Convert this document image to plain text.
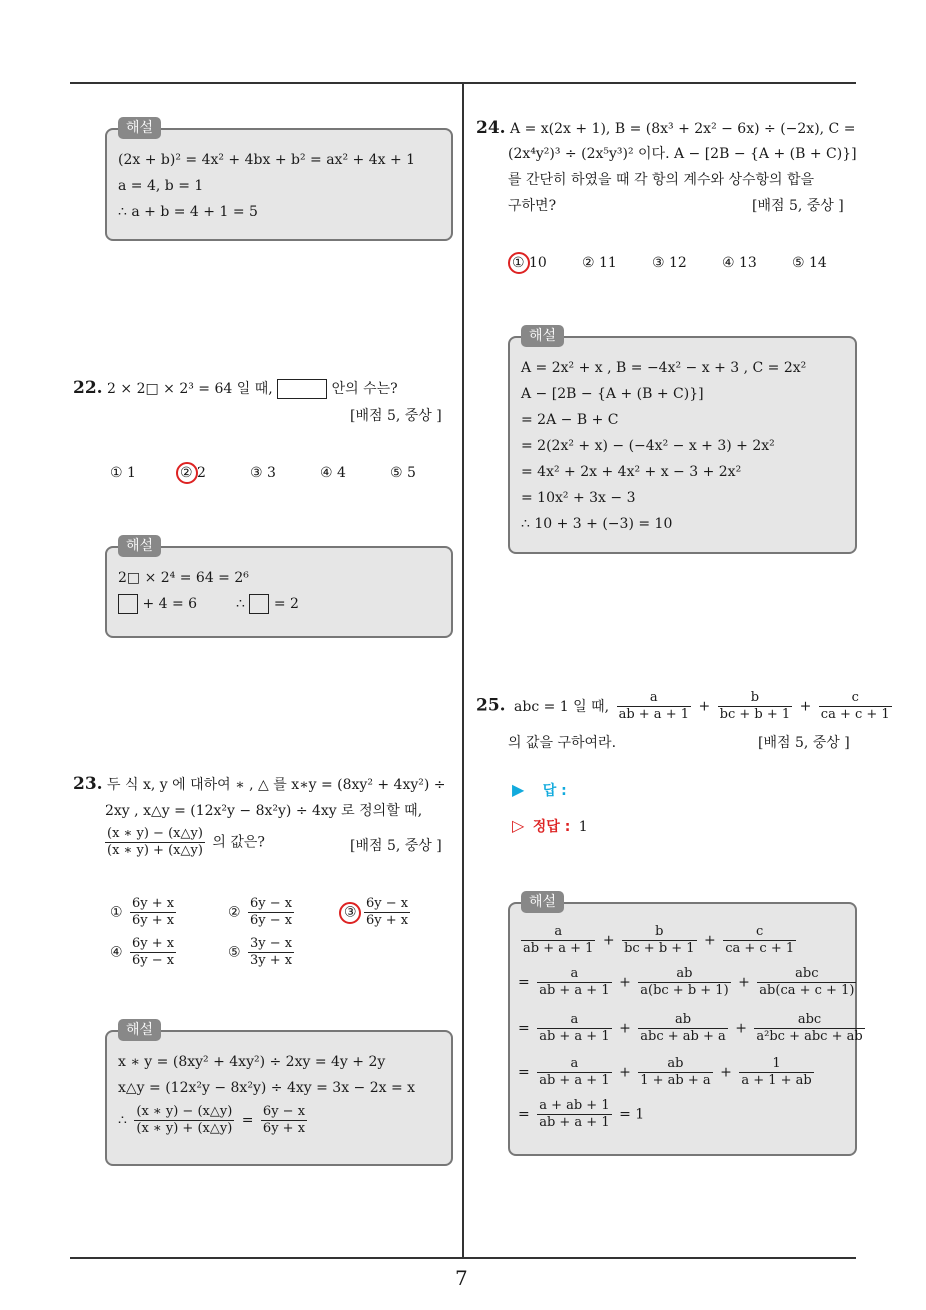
7
해설
(2x + b)² = 4x² + 4bx + b² = ax² + 4x + 1
a = 4, b = 1
∴ a + b = 4 + 1 = 5
22. 2 × 2□ × 2³ = 64 일 때,	안의 수는?
[배점 5, 중상 ]
① 1	② 2	③ 3	④ 4	⑤ 5
해설
2□ × 2⁴ = 64 = 2⁶
+ 4 = 6	∴ = 2
23. 두 식 x, y 에 대하여 ∗ , △ 를 x∗y = (8xy² + 4xy²) ÷
2xy , x△y = (12x²y − 8x²y) ÷ 4xy 로 정의할 때,
$\frac{(x ∗ y) - (x\triangle y)}{(x ∗ y) + (x\triangle y)}$ 의 값은?	[배점 5, 중상 ]
① $\frac{6y + x}{6y + x}$	② $\frac{6y - x}{6y - x}$	③ $\frac{6y - x}{6y + x}$
④ $\frac{6y + x}{6y - x}$	⑤ $\frac{3y - x}{3y + x}$
해설
x ∗ y = (8xy² + 4xy²) ÷ 2xy = 4y + 2y
x△y = (12x²y − 8x²y) ÷ 4xy = 3x − 2x = x
∴ $\frac{(x ∗ y) - (x\triangle y)}{(x ∗ y) + (x\triangle y)} = \frac{6y - x}{6y + x}$
24. A = x(2x + 1), B = (8x³ + 2x² − 6x) ÷ (−2x), C =
(2x⁴y²)³ ÷ (2x⁵y³)² 이다. A − [2B − {A + (B + C)}]
를 간단히 하였을 때 각 항의 계수와 상수항의 합을
구하면?	[배점 5, 중상 ]
① 10	② 11	③ 12	④ 13	⑤ 14
해설
A = 2x² + x , B = −4x² − x + 3 , C = 2x²
A − [2B − {A + (B + C)}]
= 2A − B + C
= 2(2x² + x) − (−4x² − x + 3) + 2x²
= 4x² + 2x + 4x² + x − 3 + 2x²
= 10x² + 3x − 3
∴ 10 + 3 + (−3) = 10
25. abc = 1 일 때, $\frac{a}{ab + a + 1} + \frac{b}{bc + b + 1} + \frac{c}{ca + c + 1}$
의 값을 구하여라.	[배점 5, 중상 ]
▶ 답 :
▷ 정답 : 1
해설
$\frac{a}{ab + a + 1} + \frac{b}{bc + b + 1} + \frac{c}{ca + c + 1}$
= $\frac{a}{ab + a + 1} + \frac{ab}{a(bc + b + 1)} + \frac{\text{abc}}{ab(ca + c + 1)}$
= $\frac{a}{ab + a + 1} + \frac{ab}{\text{abc + ab + a}} + \frac{\text{abc}}{\text{a²bc + abc + ab}}$
= $\frac{a}{ab + a + 1} + \frac{ab}{1 + ab + a} + \frac{1}{a + 1 + ab}$
= $\frac{a + ab + 1}{ab + a + 1} = 1$
